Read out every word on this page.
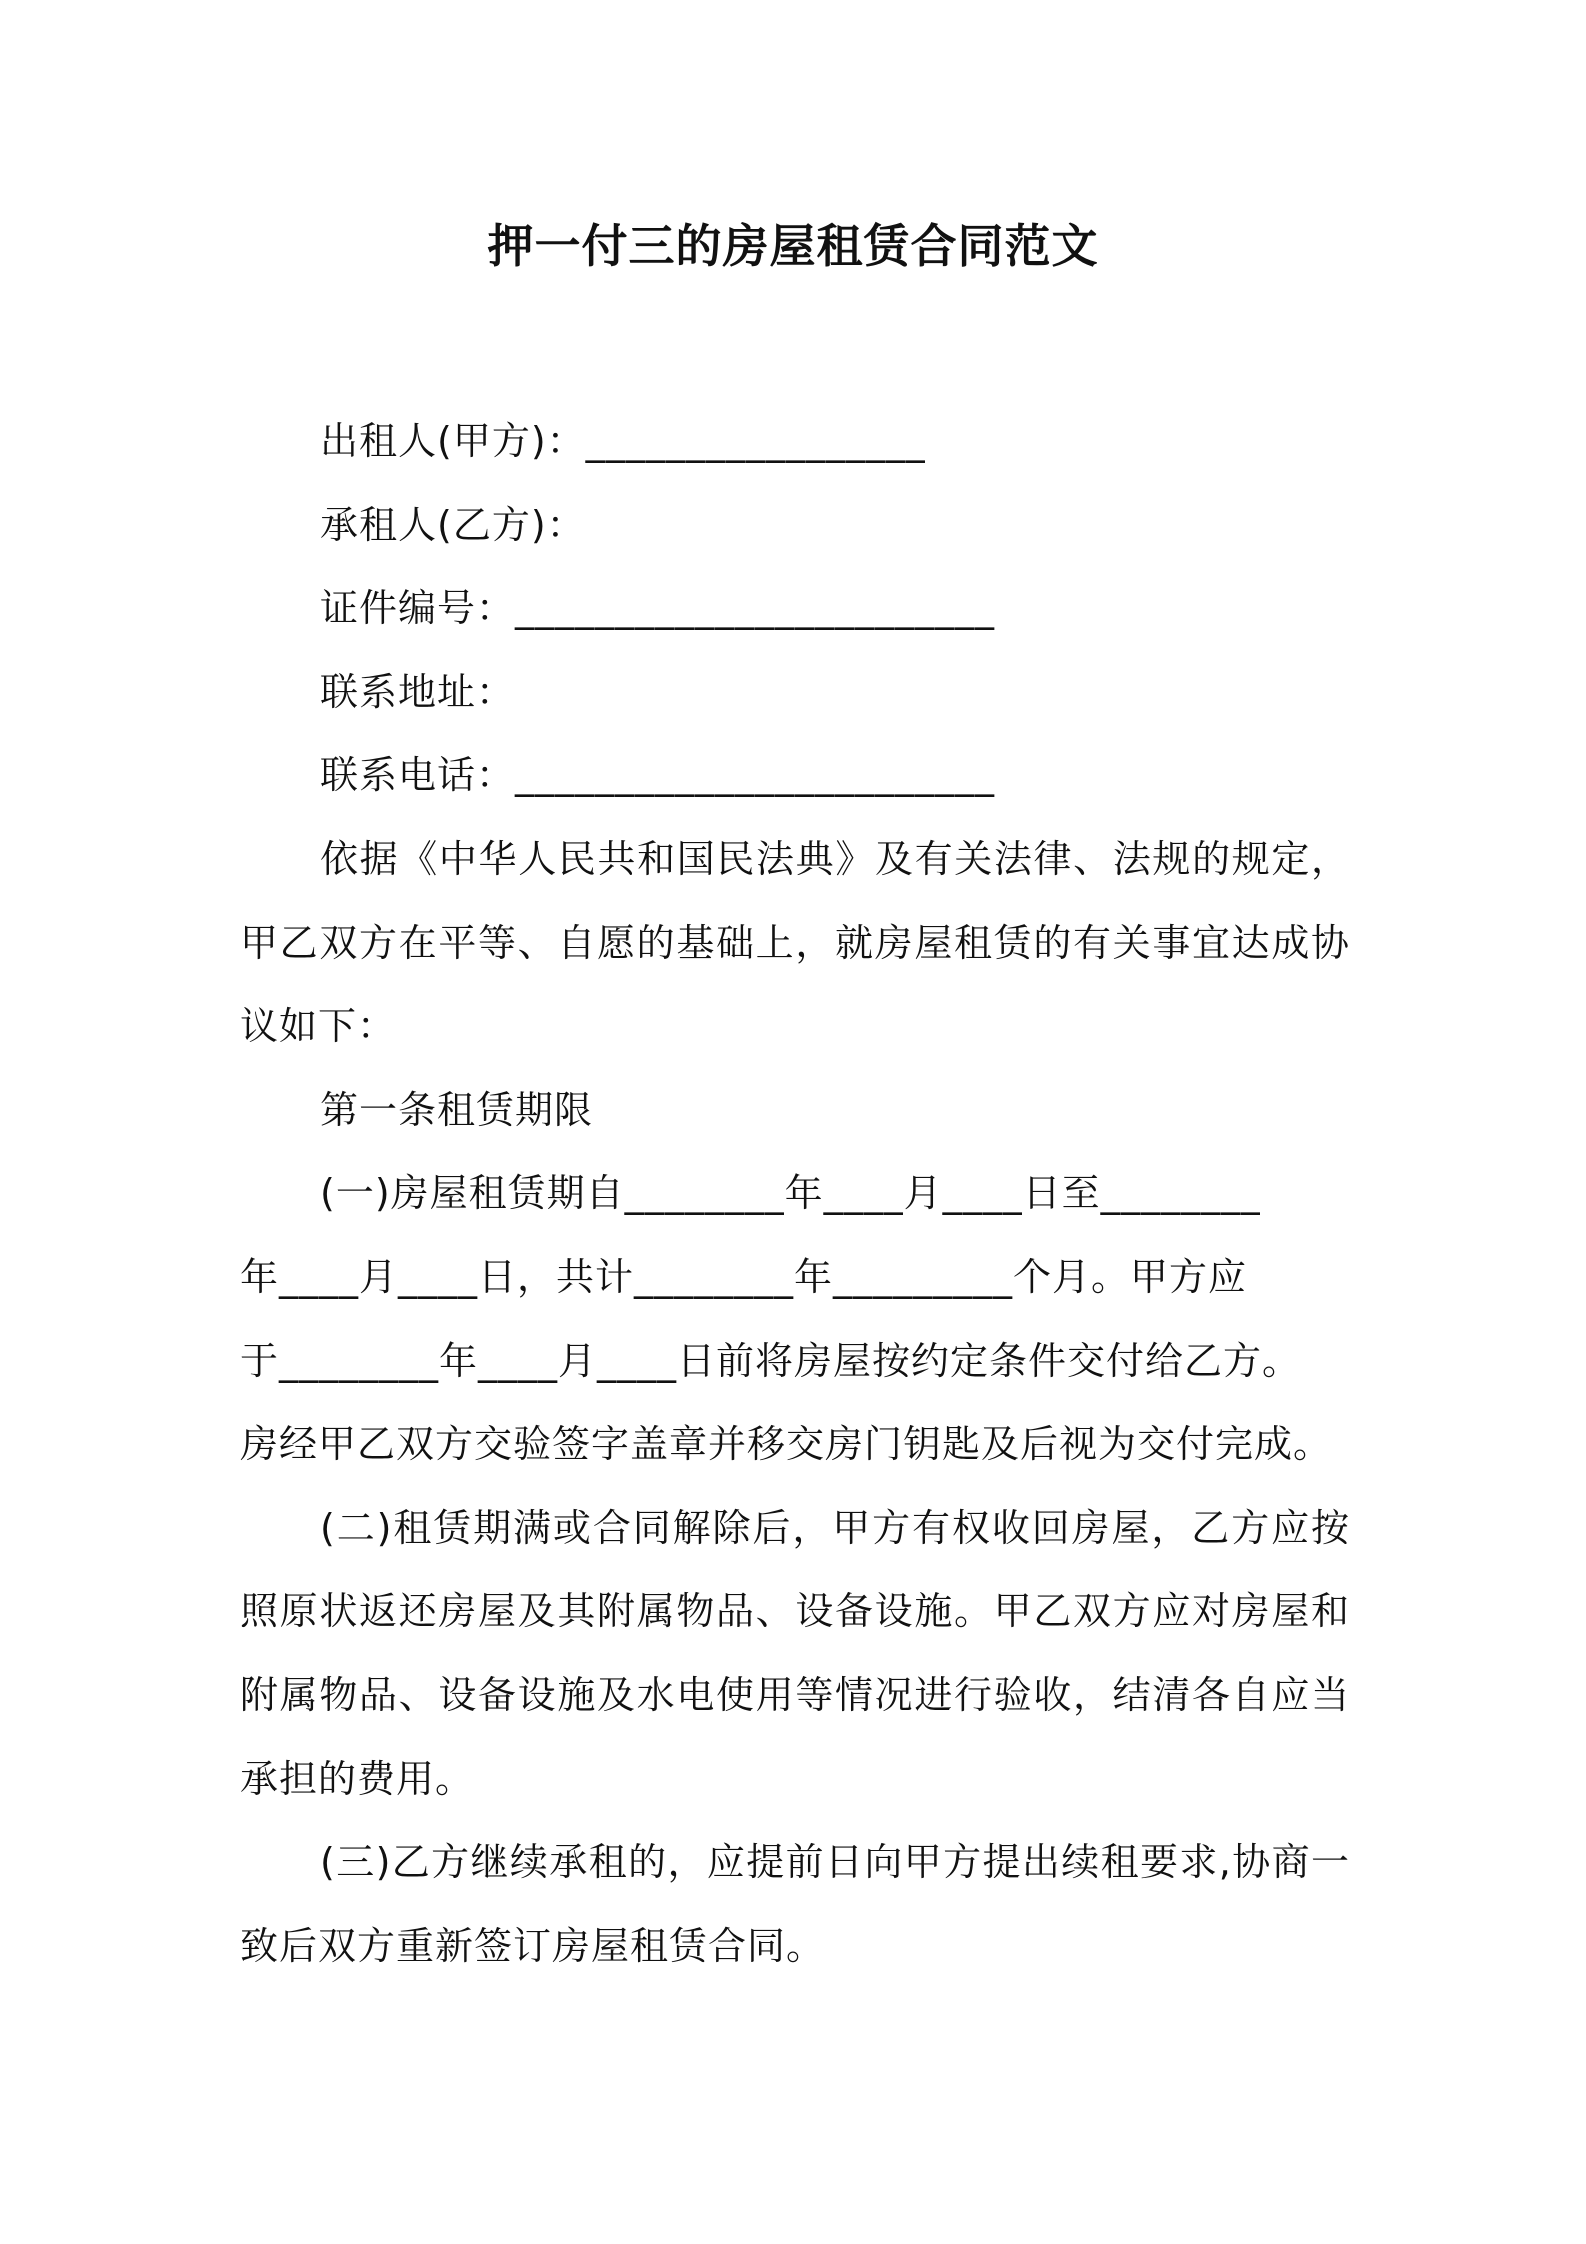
押一付三的房屋租赁合同范文
出租人(甲方)：_________________
承租人(乙方)：
证件编号：________________________
联系地址：
联系电话：________________________
依据《中华人民共和国民法典》及有关法律、法规的规定，甲乙双方在平等、自愿的基础上，就房屋租赁的有关事宜达成协议如下：
第一条租赁期限
(一)房屋租赁期自________年____月____日至________
年____月____日，共计________年_________个月。甲方应
于________年____月____日前将房屋按约定条件交付给乙方。
房经甲乙双方交验签字盖章并移交房门钥匙及后视为交付完成。
(二)租赁期满或合同解除后，甲方有权收回房屋，乙方应按照原状返还房屋及其附属物品、设备设施。甲乙双方应对房屋和附属物品、设备设施及水电使用等情况进行验收，结清各自应当承担的费用。
(三)乙方继续承租的，应提前日向甲方提出续租要求,协商一致后双方重新签订房屋租赁合同。
